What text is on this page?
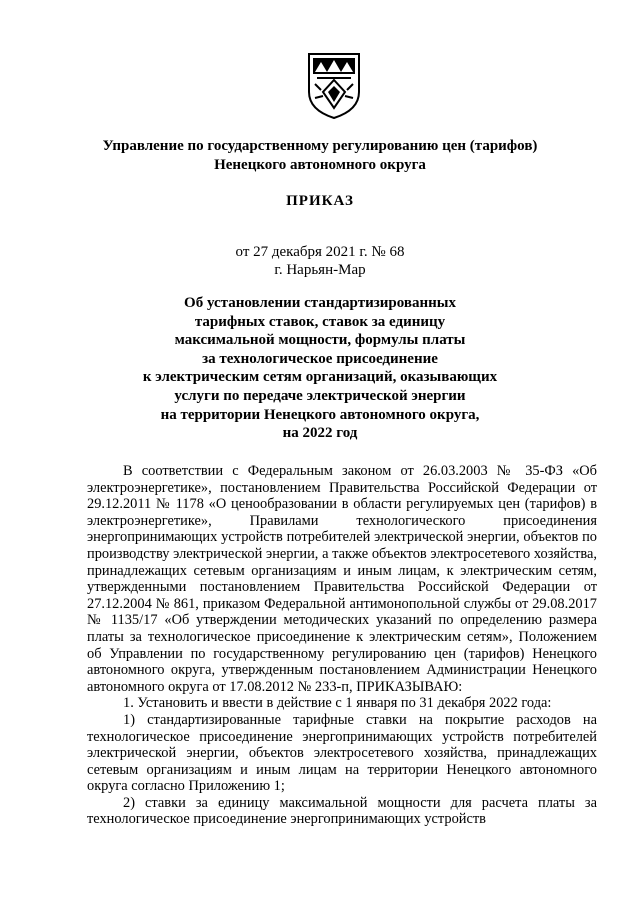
Управление по государственному регулированию цен (тарифов)
Ненецкого автономного округа
ПРИКАЗ
от 27 декабря 2021 г. № 68
г. Нарьян-Мар
Об установлении стандартизированных
тарифных ставок, ставок за единицу
максимальной мощности, формулы платы
за технологическое присоединение
к электрическим сетям организаций, оказывающих
услуги по передаче электрической энергии
на территории Ненецкого автономного округа,
на 2022 год

В соответствии с Федеральным законом от 26.03.2003 № 35-ФЗ «Об электроэнергетике», постановлением Правительства Российской Федерации от 29.12.2011 № 1178 «О ценообразовании в области регулируемых цен (тарифов) в электроэнергетике», Правилами технологического присоединения энергопринимающих устройств потребителей электрической энергии, объектов по производству электрической энергии, а также объектов электросетевого хозяйства, принадлежащих сетевым организациям и иным лицам, к электрическим сетям, утвержденными постановлением Правительства Российской Федерации от 27.12.2004 № 861, приказом Федеральной антимонопольной службы от 29.08.2017 № 1135/17 «Об утверждении методических указаний по определению размера платы за технологическое присоединение к электрическим сетям», Положением об Управлении по государственному регулированию цен (тарифов) Ненецкого автономного округа, утвержденным постановлением Администрации Ненецкого автономного округа от 17.08.2012 № 233-п, ПРИКАЗЫВАЮ:

1. Установить и ввести в действие с 1 января по 31 декабря 2022 года:

1) стандартизированные тарифные ставки на покрытие расходов на технологическое присоединение энергопринимающих устройств потребителей электрической энергии, объектов электросетевого хозяйства, принадлежащих сетевым организациям и иным лицам на территории Ненецкого автономного округа согласно Приложению 1;

2) ставки за единицу максимальной мощности для расчета платы за технологическое присоединение энергопринимающих устройств
